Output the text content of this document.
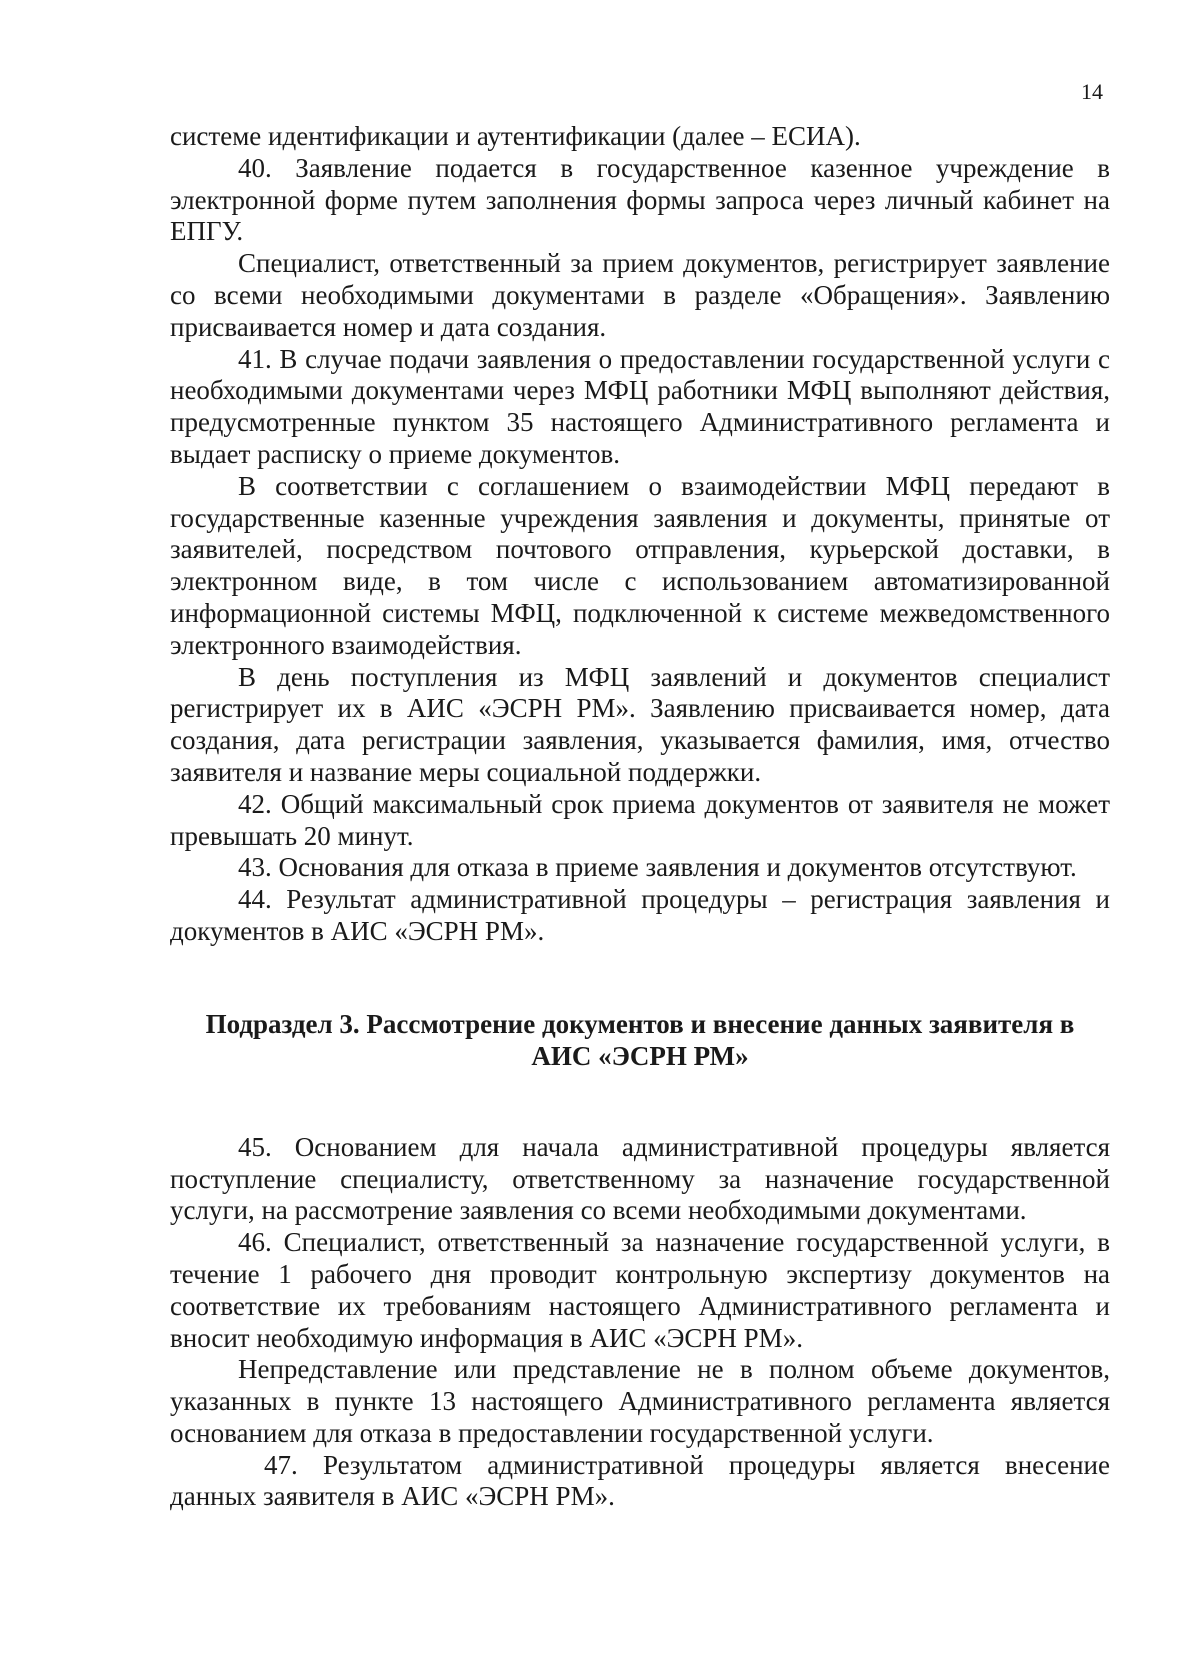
14

системе идентификации и аутентификации (далее – ЕСИА).

40. Заявление подается в государственное казенное учреждение в электронной форме путем заполнения формы запроса через личный кабинет на ЕПГУ.

Специалист, ответственный за прием документов, регистрирует заявление со всеми необходимыми документами в разделе «Обращения». Заявлению присваивается номер и дата создания.

41. В случае подачи заявления о предоставлении государственной услуги с необходимыми документами через МФЦ работники МФЦ выполняют действия, предусмотренные пунктом 35 настоящего Административного регламента и выдает расписку о приеме документов.

В соответствии с соглашением о взаимодействии МФЦ передают в государственные казенные учреждения заявления и документы, принятые от заявителей, посредством почтового отправления, курьерской доставки, в электронном виде, в том числе с использованием автоматизированной информационной системы МФЦ, подключенной к системе межведомственного электронного взаимодействия.

В день поступления из МФЦ заявлений и документов специалист регистрирует их в АИС «ЭСРН РМ». Заявлению присваивается номер, дата создания, дата регистрации заявления, указывается фамилия, имя, отчество заявителя и название меры социальной поддержки.

42. Общий максимальный срок приема документов от заявителя не может превышать 20 минут.

43. Основания для отказа в приеме заявления и документов отсутствуют.

44. Результат административной процедуры – регистрация заявления и документов в АИС «ЭСРН РМ».

Подраздел 3. Рассмотрение документов и внесение данных заявителя в
АИС «ЭСРН РМ»

45. Основанием для начала административной процедуры является поступление специалисту, ответственному за назначение государственной услуги, на рассмотрение заявления со всеми необходимыми документами.

46. Специалист, ответственный за назначение государственной услуги, в течение 1 рабочего дня проводит контрольную экспертизу документов на соответствие их требованиям настоящего Административного регламента и вносит необходимую информация в АИС «ЭСРН РМ».

Непредставление или представление не в полном объеме документов, указанных в пункте 13 настоящего Административного регламента является основанием для отказа в предоставлении государственной услуги.

47. Результатом административной процедуры является внесение данных заявителя в АИС «ЭСРН РМ».
